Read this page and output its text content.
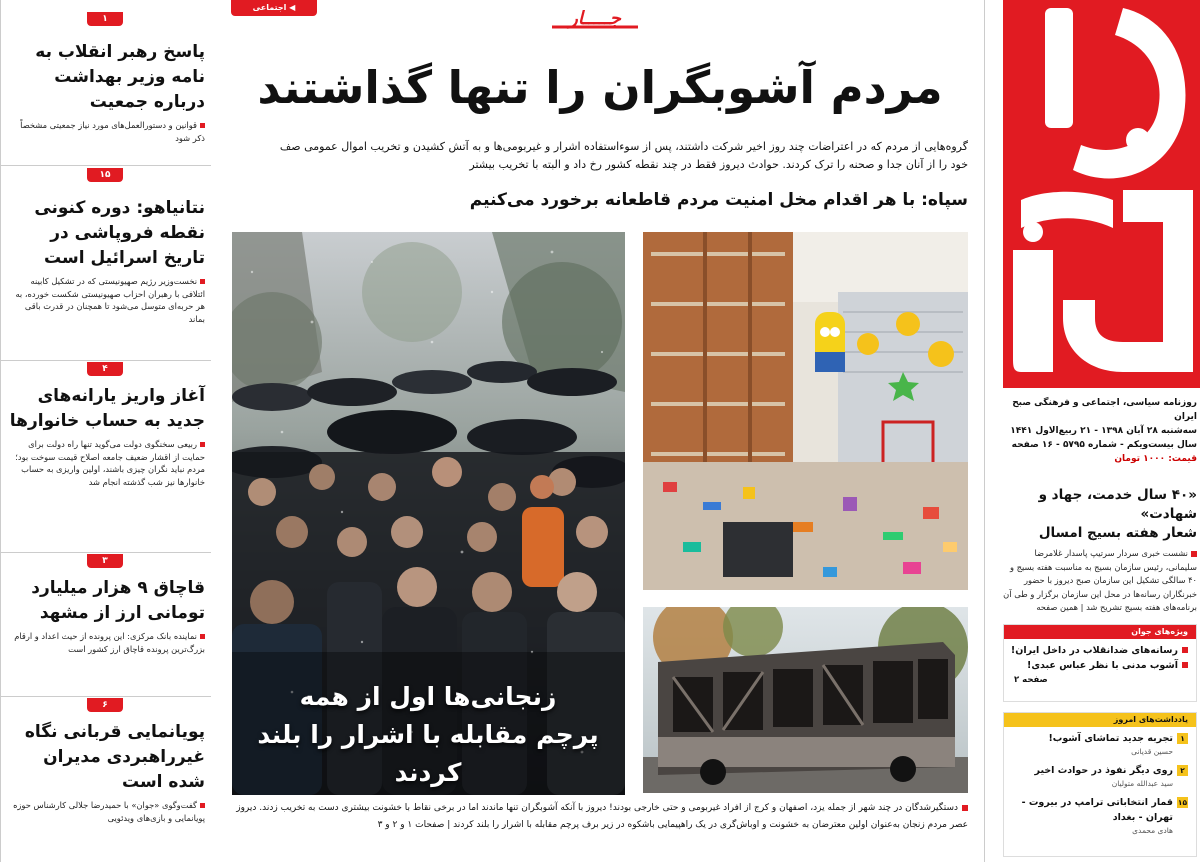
۱
پاسخ رهبر انقلاب به نامه وزیر بهداشت درباره جمعیت

قوانین و دستورالعمل‌های مورد نیاز جمعیتی مشخصاً ذکر شود

۱۵
نتانیاهو: دوره کنونی نقطه فروپاشی در تاریخ اسرائیل است

نخست‌وزیر رژیم صهیونیستی که در تشکیل کابینه ائتلافی با رهبران احزاب صهیونیستی شکست خورده، به هر حربه‌ای متوسل می‌شود تا همچنان در قدرت باقی بماند

۴
آغاز واریز یارانه‌های جدید به حساب خانوارها

ربیعی سخنگوی دولت می‌گوید تنها راه دولت برای حمایت از اقشار ضعیف جامعه اصلاح قیمت سوخت بود؛ مردم نباید نگران چیزی باشند، اولین واریزی به حساب خانوارها نیز شب گذشته انجام شد

۳
قاچاق ۹ هزار میلیارد تومانی ارز از مشهد

نماینده بانک مرکزی: این پرونده از حیث اعداد و ارقام بزرگ‌ترین پرونده قاچاق ارز کشور است

۶
پویانمایی قربانی نگاه غیرراهبردی مدیران شده است

گفت‌وگوی «جوان» با حمیدرضا جلالی کارشناس حوزه پویانمایی و بازی‌های ویدئویی

◀ اجتماعی
جـــــار
مردم آشوبگران را تنها گذاشتند

گروه‌هایی از مردم که در اعتراضات چند روز اخیر شرکت داشتند، پس از سوءاستفاده اشرار و غیربومی‌ها و به آتش کشیدن و تخریب اموال عمومی صف خود را از آنان جدا و صحنه را ترک کردند. حوادث دیروز فقط در چند نقطه کشور رخ داد و البته با تخریب بیشتر

سپاه: با هر اقدام مخل امنیت مردم قاطعانه برخورد می‌کنیم
زنجانی‌ها اول از همه
پرچم مقابله با اشرار را بلند کردند

دستگیرشدگان در چند شهر از جمله یزد، اصفهان و کرج از افراد غیربومی و حتی خارجی بودند! دیروز با آنکه آشوبگران تنها ماندند اما در برخی نقاط با خشونت بیشتری دست به تخریب زدند. دیروز عصر مردم زنجان به‌عنوان اولین معترضان به خشونت و اوباش‌گری در یک راهپیمایی باشکوه در زیر برف پرچم مقابله با اشرار را بلند کردند | صفحات ۱ و ۲ و ۳

روزنامه سیاسی، اجتماعی و فرهنگی صبح ایران
سه‌شنبه ۲۸ آبان ۱۳۹۸ - ۲۱ ربیع‌الاول ۱۴۴۱
سال بیست‌ویکم - شماره ۵۷۹۵ - ۱۶ صفحه
قیمت: ۱۰۰۰ تومان
«۴۰ سال خدمت، جهاد و شهادت»
شعار هفته بسیج امسال

نشست خبری سردار سرتیپ پاسدار غلامرضا سلیمانی، رئیس سازمان بسیج به مناسبت هفته بسیج و ۴۰ سالگی تشکیل این سازمان صبح دیروز با حضور خبرنگاران رسانه‌ها در محل این سازمان برگزار و طی آن برنامه‌های هفته بسیج تشریح شد | همین صفحه

ویژه‌های جوان
رسانه‌های ضدانقلاب در داخل ایران!
آشوب مدنی با نظر عباس عبدی!
صفحه ۲
یادداشت‌های امروز
۱
تجربه جدید تماشای آشوب!
حسین قدیانی
۲
روی دیگر نفوذ در حوادث اخیر
سید عبدالله متولیان
۱۵
قمار انتخاباتی ترامپ در بیروت - تهران - بغداد
هادی محمدی
